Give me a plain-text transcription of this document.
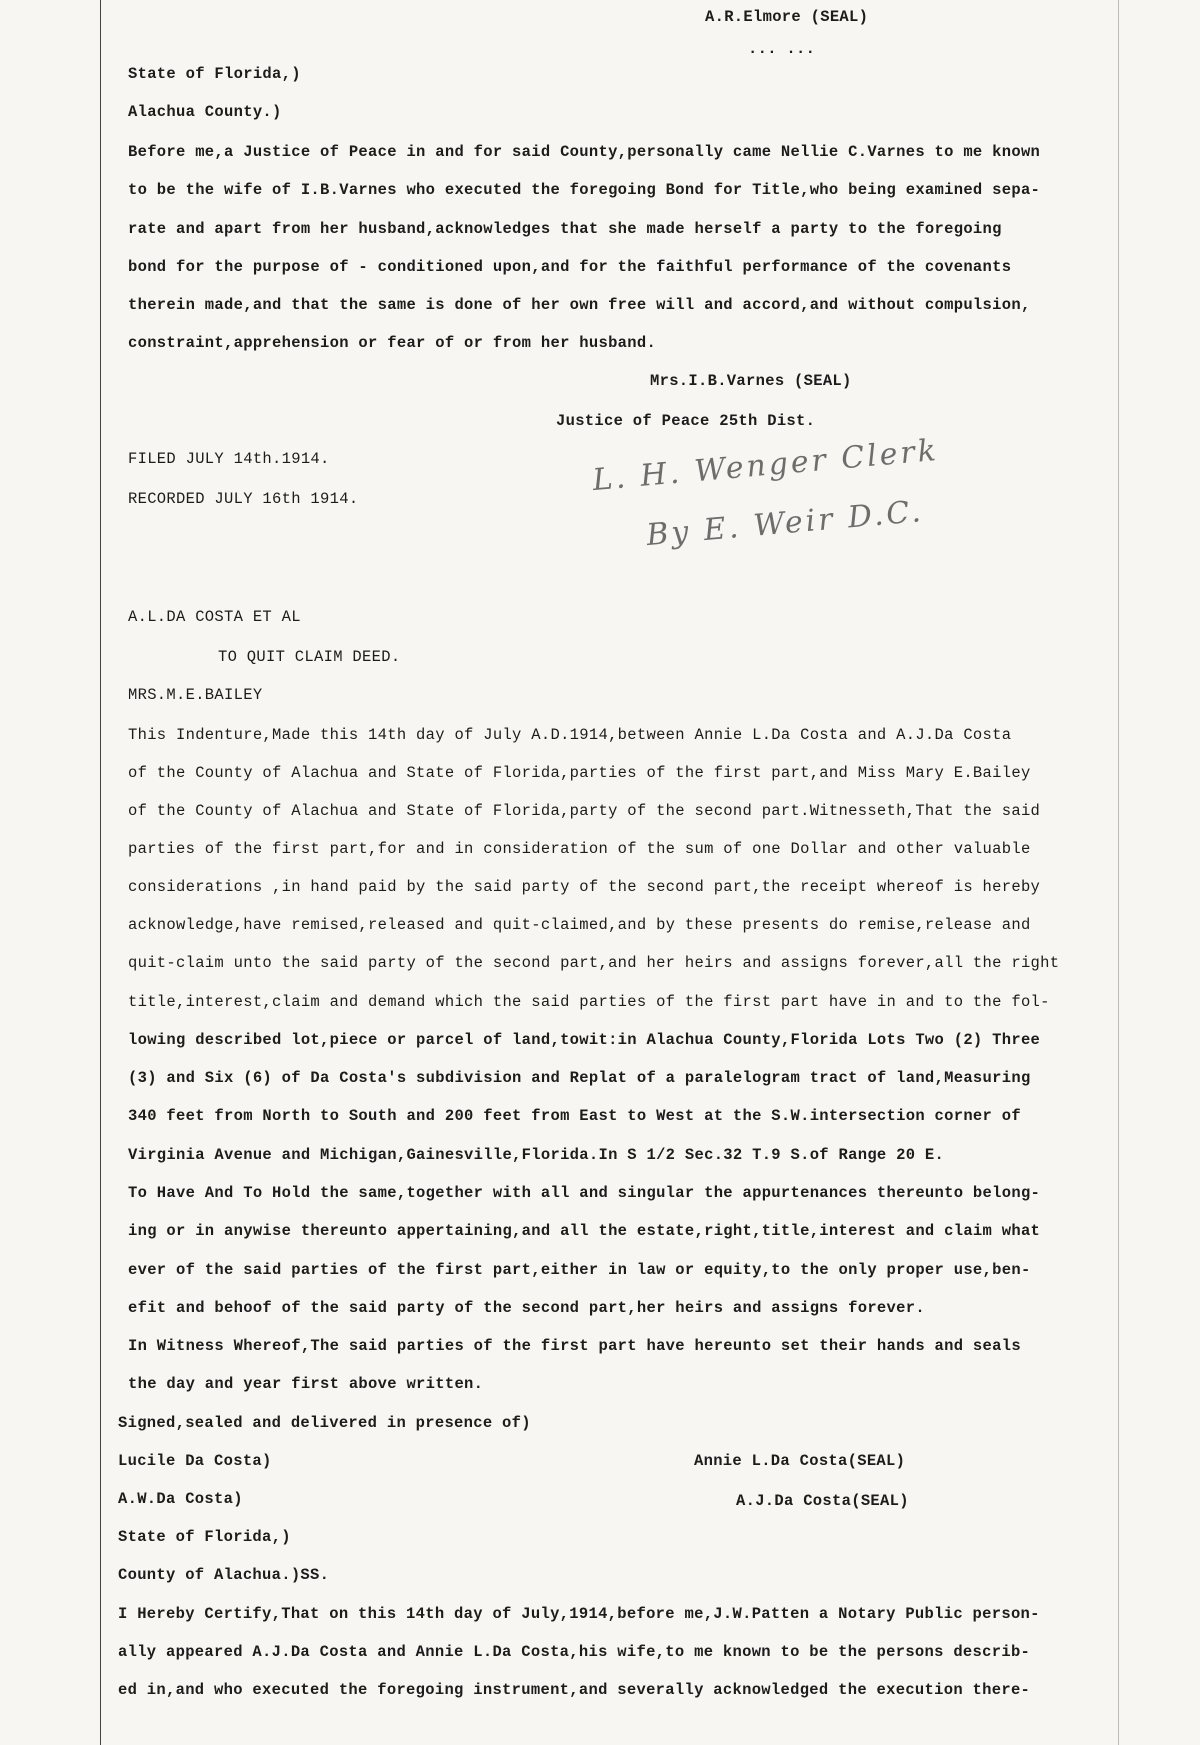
A.R.Elmore (SEAL)
... ...
State of Florida,)
Alachua County.)
Before me,a Justice of Peace in and for said County,personally came Nellie C.Varnes to me known
to be the wife of I.B.Varnes who executed the foregoing Bond for Title,who being examined sepa-
rate and apart from her husband,acknowledges that she made herself a party to the foregoing
bond for the purpose of - conditioned upon,and for the faithful performance of the covenants
therein made,and that the same is done of her own free will and accord,and without compulsion,
constraint,apprehension or fear of or from her husband.
Mrs.I.B.Varnes (SEAL)
Justice of Peace 25th Dist.
FILED JULY 14th.1914.
RECORDED JULY 16th 1914.
L. H. Wenger Clerk
By E. Weir D.C.
A.L.DA COSTA ET AL
TO QUIT CLAIM DEED.
MRS.M.E.BAILEY
This Indenture,Made this 14th day of July A.D.1914,between Annie L.Da Costa and A.J.Da Costa
of the County of Alachua and State of Florida,parties of the first part,and Miss Mary E.Bailey
of the County of Alachua and State of Florida,party of the second part.Witnesseth,That the said
parties of the first part,for and in consideration of the sum of one Dollar and other valuable
considerations ,in hand paid by the said party of the second part,the receipt whereof is hereby
acknowledge,have remised,released and quit-claimed,and by these presents do remise,release and
quit-claim unto the said party of the second part,and her heirs and assigns forever,all the right
title,interest,claim and demand which the said parties of the first part have in and to the fol-
lowing described lot,piece or parcel of land,towit:in Alachua County,Florida Lots Two (2) Three
(3) and Six (6) of Da Costa's subdivision and Replat of a paralelogram tract of land,Measuring
340 feet from North to South and 200 feet from East to West at the S.W.intersection corner of
Virginia Avenue and Michigan,Gainesville,Florida.In S 1/2 Sec.32 T.9 S.of Range 20 E.
To Have And To Hold the same,together with all and singular the appurtenances thereunto belong-
ing or in anywise thereunto appertaining,and all the estate,right,title,interest and claim what
ever of the said parties of the first part,either in law or equity,to the only proper use,ben-
efit and behoof of the said party of the second part,her heirs and assigns forever.
In Witness Whereof,The said parties of the first part have hereunto set their hands and seals
the day and year first above written.
Signed,sealed and delivered in presence of)
Lucile Da Costa)	Annie L.Da Costa(SEAL)
A.W.Da Costa)	A.J.Da Costa(SEAL)
State of Florida,)
County of Alachua.)SS.
I Hereby Certify,That on this 14th day of July,1914,before me,J.W.Patten a Notary Public person-
ally appeared A.J.Da Costa and Annie L.Da Costa,his wife,to me known to be the persons describ-
ed in,and who executed the foregoing instrument,and severally acknowledged the execution there-
